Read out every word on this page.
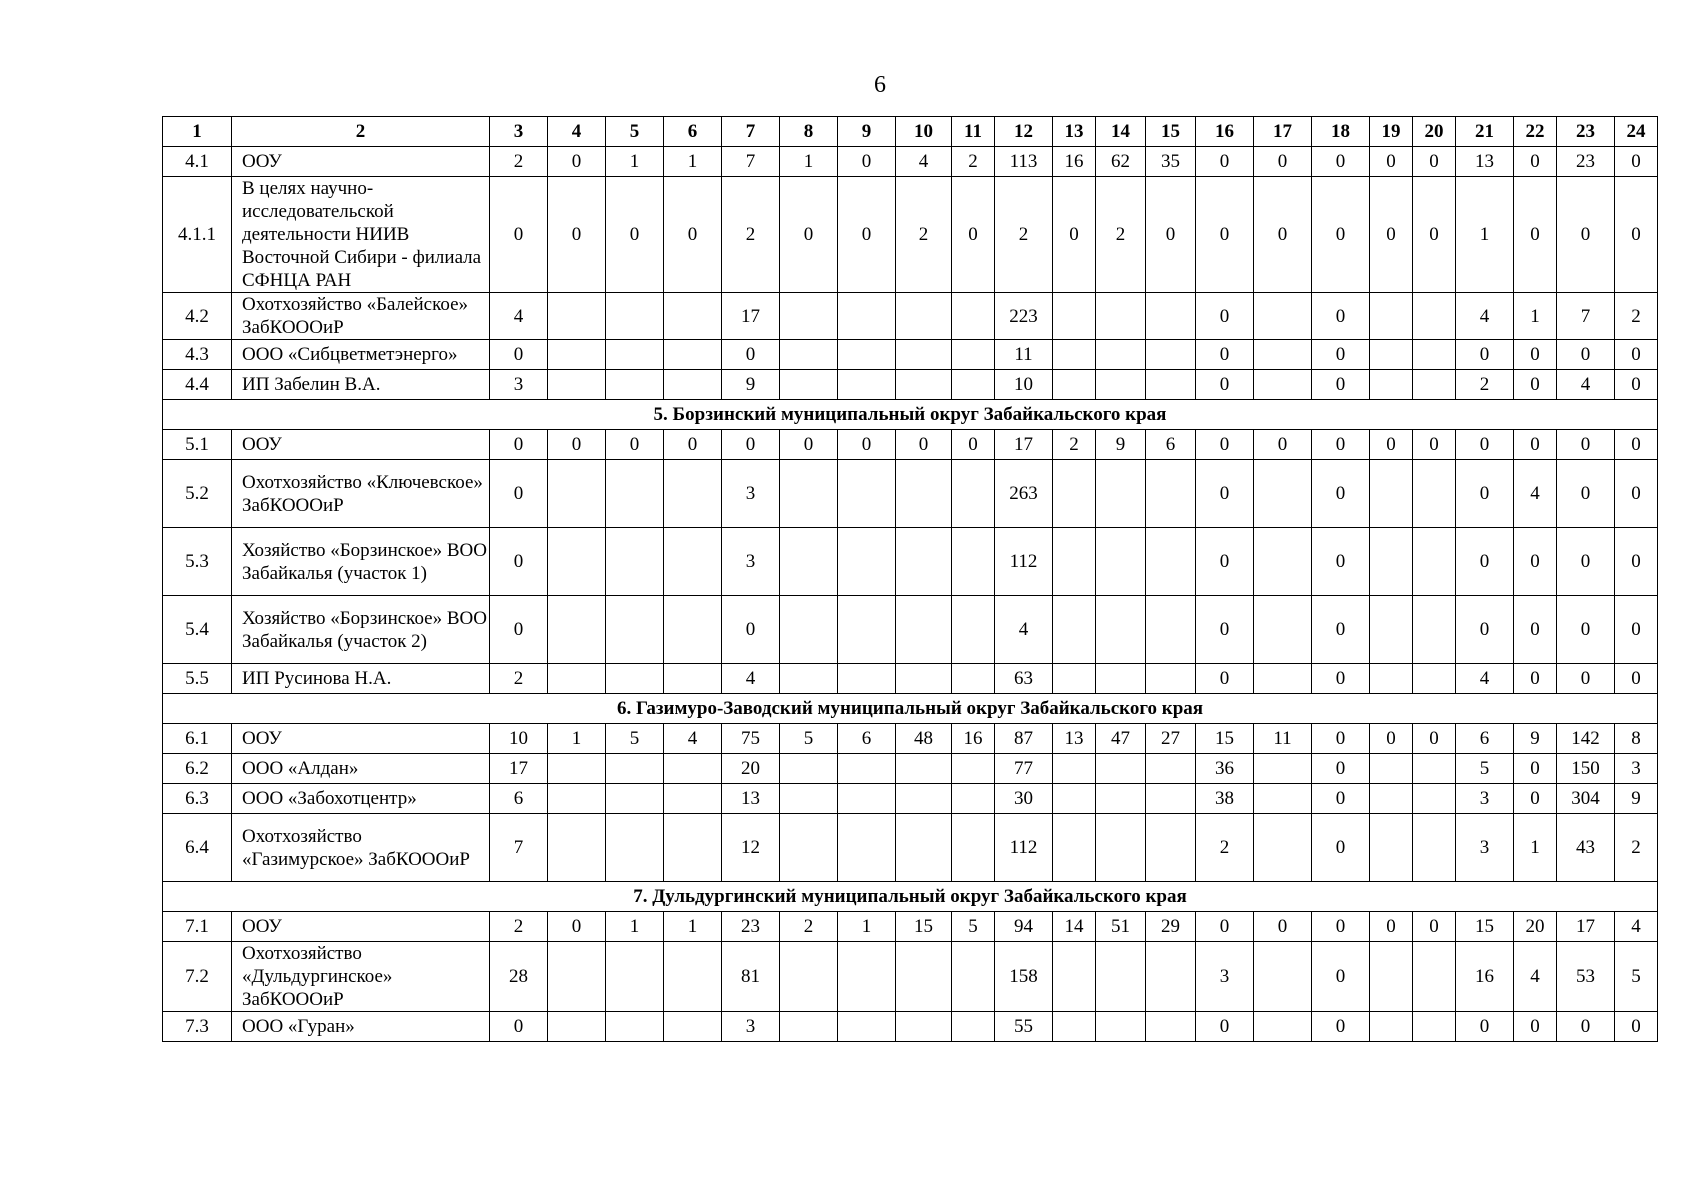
6
1	2	3	4	5	6	7	8	9	10	11	12	13	14	15	16	17	18	19	20	21	22	23	24
4.1	ООУ	2	0	1	1	7	1	0	4	2	113	16	62	35	0	0	0	0	0	13	0	23	0
4.1.1	В целях научно-исследовательской деятельности НИИВ Восточной Сибири - филиала СФНЦА РАН	0	0	0	0	2	0	0	2	0	2	0	2	0	0	0	0	0	0	1	0	0	0
4.2	Охотхозяйство «Балейское» ЗабКОООиР	4				17					223				0		0			4	1	7	2
4.3	ООО «Сибцветметэнерго»	0				0					11				0		0			0	0	0	0
4.4	ИП Забелин В.А.	3				9					10				0		0			2	0	4	0
5. Борзинский муниципальный округ Забайкальского края																							
5.1	ООУ	0	0	0	0	0	0	0	0	0	17	2	9	6	0	0	0	0	0	0	0	0	0
5.2	Охотхозяйство «Ключевское» ЗабКОООиР	0				3					263				0		0			0	4	0	0
5.3	Хозяйство «Борзинское» ВОО Забайкалья (участок 1)	0				3					112				0		0			0	0	0	0
5.4	Хозяйство «Борзинское» ВОО Забайкалья (участок 2)	0				0					4				0		0			0	0	0	0
5.5	ИП Русинова Н.А.	2				4					63				0		0			4	0	0	0
6. Газимуро-Заводский муниципальный округ Забайкальского края																							
6.1	ООУ	10	1	5	4	75	5	6	48	16	87	13	47	27	15	11	0	0	0	6	9	142	8
6.2	ООО «Алдан»	17				20					77				36		0			5	0	150	3
6.3	ООО «Забохотцентр»	6				13					30				38		0			3	0	304	9
6.4	Охотхозяйство «Газимурское» ЗабКОООиР	7				12					112				2		0			3	1	43	2
7. Дульдургинский муниципальный округ Забайкальского края																							
7.1	ООУ	2	0	1	1	23	2	1	15	5	94	14	51	29	0	0	0	0	0	15	20	17	4
7.2	Охотхозяйство «Дульдургинское» ЗабКОООиР	28				81					158				3		0			16	4	53	5
7.3	ООО «Гуран»	0				3					55				0		0			0	0	0	0
